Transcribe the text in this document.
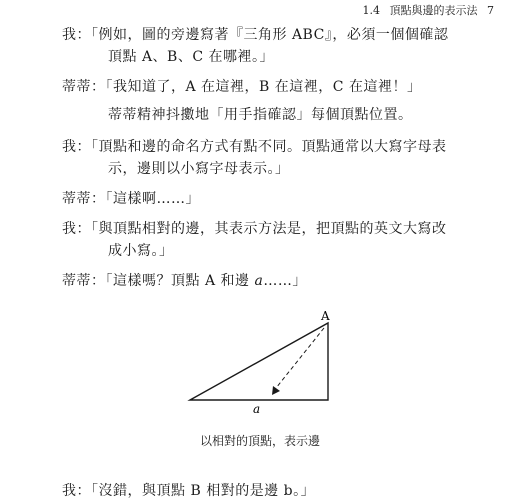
1.4 頂點與邊的表示法 7
我：「例如，圖的旁邊寫著『三角形 ABC』，必須一個個確認
頂點 A、B、C 在哪裡。」
蒂蒂：「我知道了，A 在這裡，B 在這裡，C 在這裡！」
蒂蒂精神抖擻地「用手指確認」每個頂點位置。
我：「頂點和邊的命名方式有點不同。頂點通常以大寫字母表
示，邊則以小寫字母表示。」
蒂蒂：「這樣啊……」
我：「與頂點相對的邊，其表示方法是，把頂點的英文大寫改
成小寫。」
蒂蒂：「這樣嗎？頂點 A 和邊 a……」
A
a
以相對的頂點，表示邊
我：「沒錯，與頂點 B 相對的是邊 b。」
